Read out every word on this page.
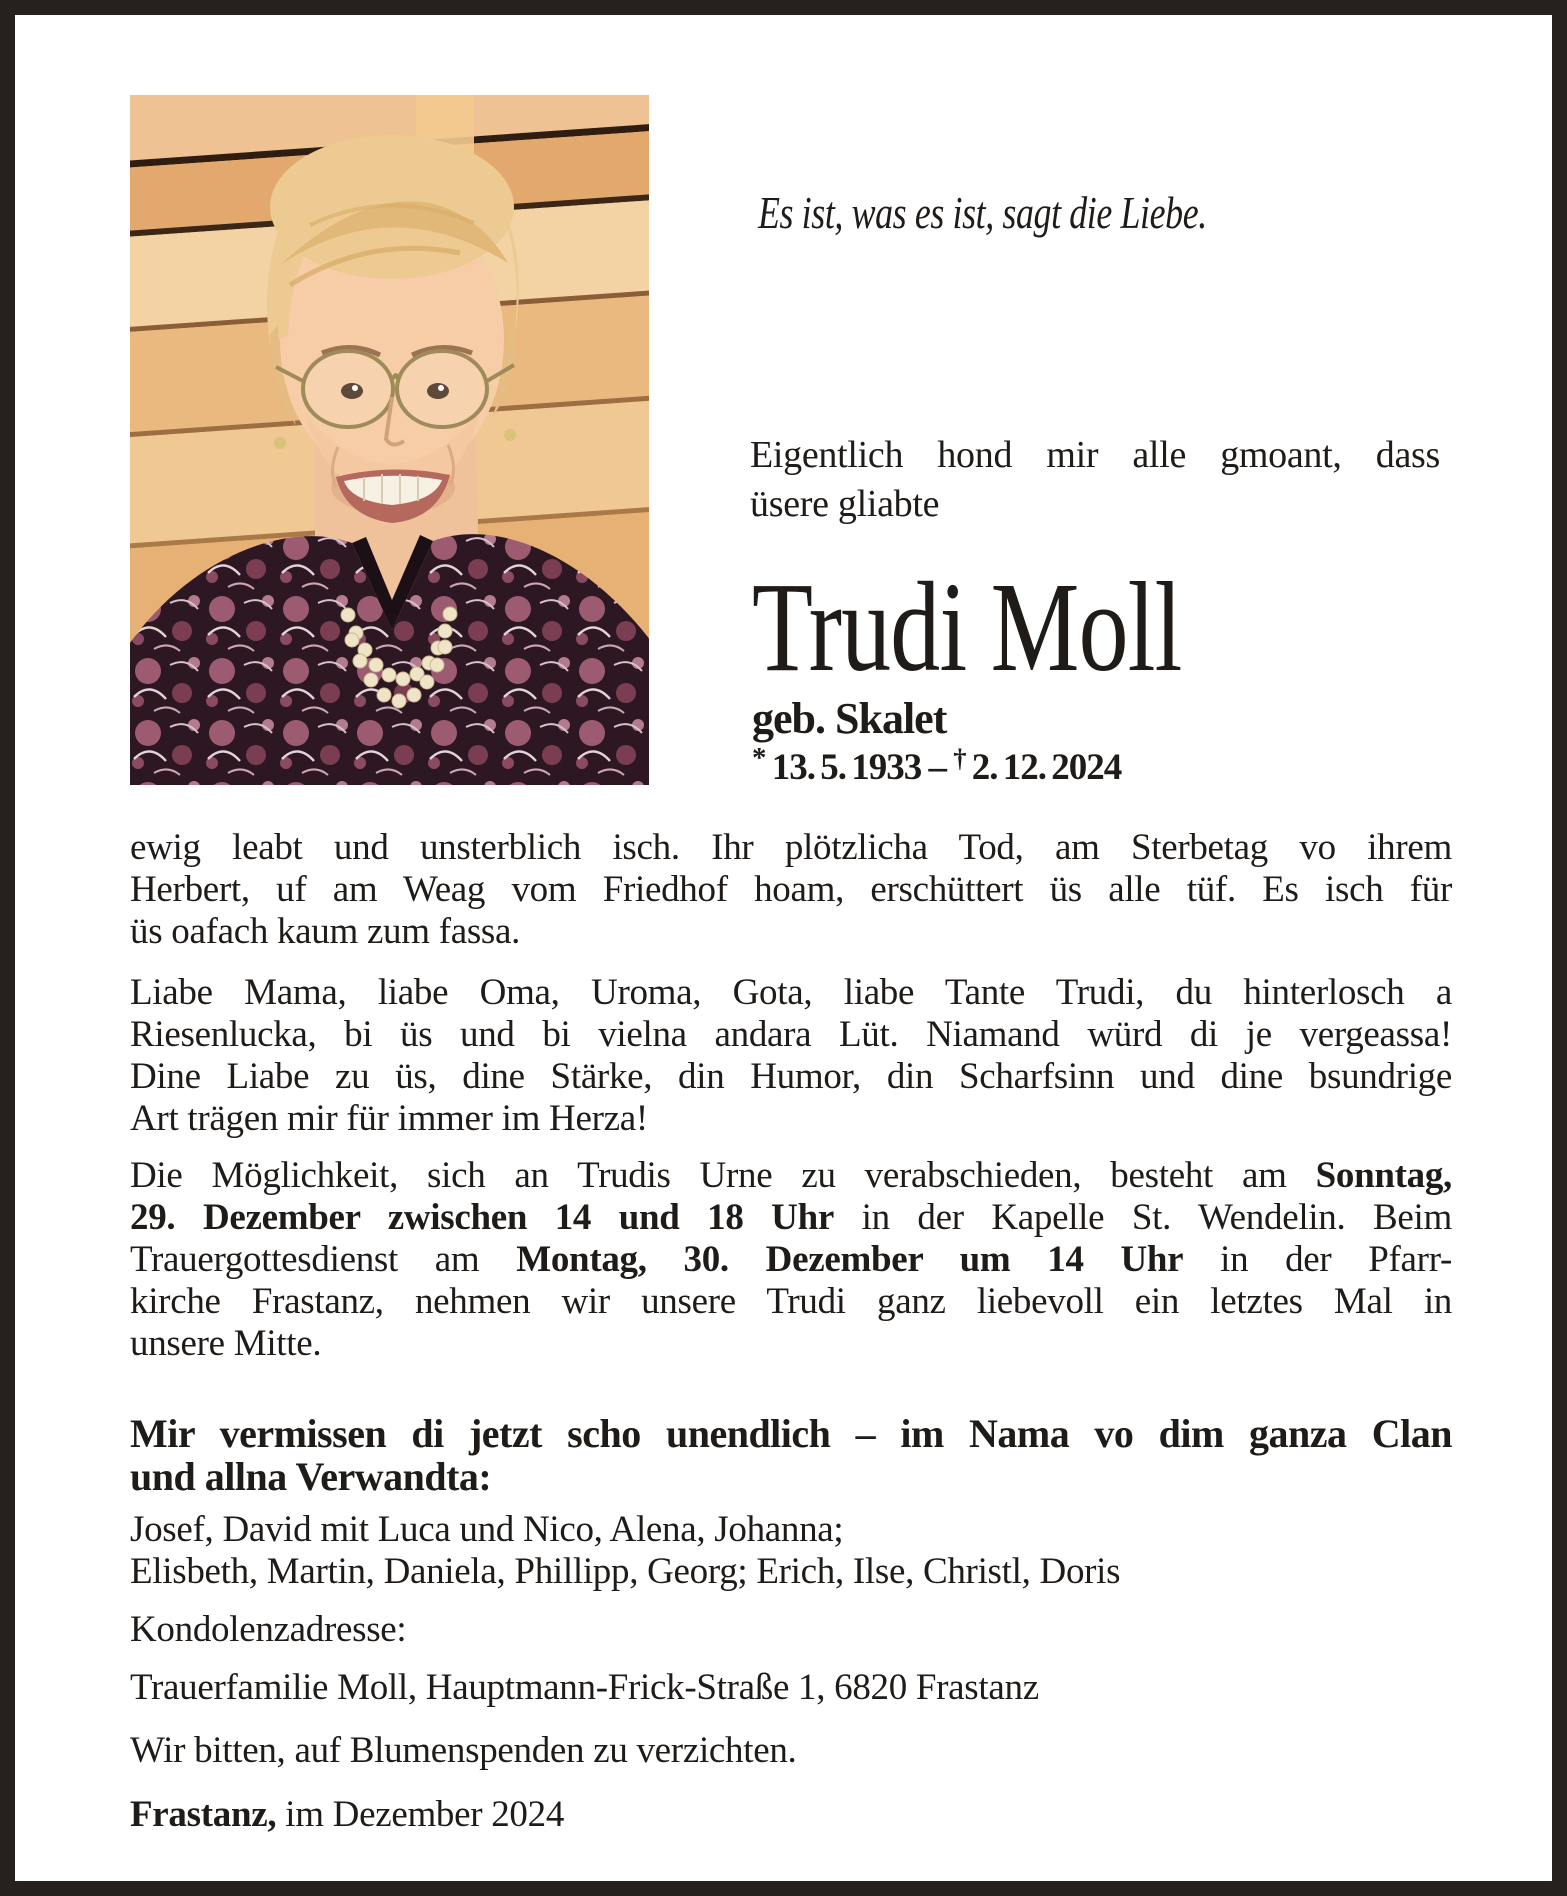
Es ist, was es ist, sagt die Liebe.
Eigentlich hond mir alle gmoant, dass
üsere gliabte
Trudi Moll
geb. Skalet
* 13. 5. 1933 – † 2. 12. 2024
ewig leabt und unsterblich isch. Ihr plötzlicha Tod, am Sterbetag vo ihrem
Herbert, uf am Weag vom Friedhof hoam, erschüttert üs alle tüf. Es isch für
üs oafach kaum zum fassa.
Liabe Mama, liabe Oma, Uroma, Gota, liabe Tante Trudi, du hinterlosch a
Riesenlucka, bi üs und bi vielna andara Lüt. Niamand würd di je vergeassa!
Dine Liabe zu üs, dine Stärke, din Humor, din Scharfsinn und dine bsundrige
Art trägen mir für immer im Herza!
Die Möglichkeit, sich an Trudis Urne zu verabschieden, besteht am Sonntag,
29. Dezember zwischen 14 und 18 Uhr in der Kapelle St. Wendelin. Beim
Trauergottesdienst am Montag, 30. Dezember um 14 Uhr in der Pfarr-
kirche Frastanz, nehmen wir unsere Trudi ganz liebevoll ein letztes Mal in
unsere Mitte.
Mir vermissen di jetzt scho unendlich – im Nama vo dim ganza Clan
und allna Verwandta:
Josef, David mit Luca und Nico, Alena, Johanna;
Elisbeth, Martin, Daniela, Phillipp, Georg; Erich, Ilse, Christl, Doris
Kondolenzadresse:
Trauerfamilie Moll, Hauptmann-Frick-Straße 1, 6820 Frastanz
Wir bitten, auf Blumenspenden zu verzichten.
Frastanz, im Dezember 2024
